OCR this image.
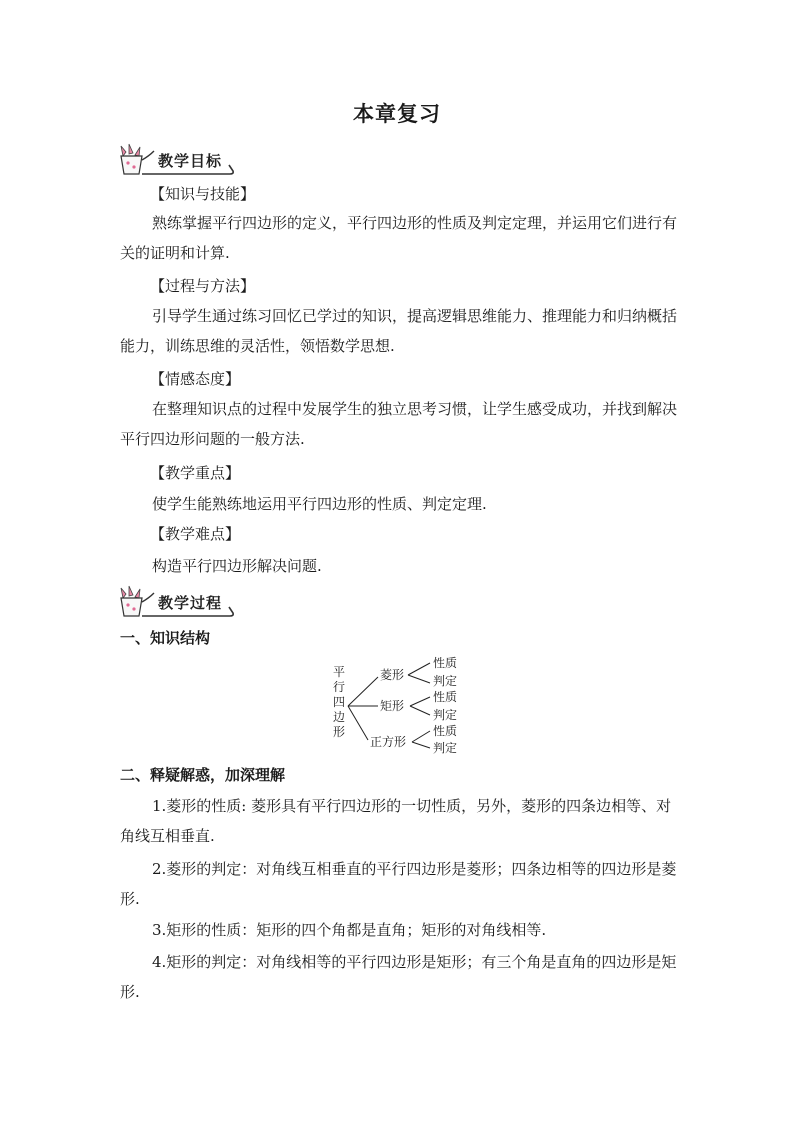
本章复习
教学目标
【知识与技能】
熟练掌握平行四边形的定义，平行四边形的性质及判定定理，并运用它们进行有关的证明和计算.
【过程与方法】
引导学生通过练习回忆已学过的知识，提高逻辑思维能力、推理能力和归纳概括能力，训练思维的灵活性，领悟数学思想.
【情感态度】
在整理知识点的过程中发展学生的独立思考习惯，让学生感受成功，并找到解决平行四边形问题的一般方法.
【教学重点】
使学生能熟练地运用平行四边形的性质、判定定理.
【教学难点】
构造平行四边形解决问题.
教学过程
一、知识结构
平行四边形
菱形
矩形
正方形
性质
判定
性质
判定
性质
判定
二、释疑解惑，加深理解
1.菱形的性质: 菱形具有平行四边形的一切性质，另外，菱形的四条边相等、对角线互相垂直.
2.菱形的判定：对角线互相垂直的平行四边形是菱形；四条边相等的四边形是菱形.
3.矩形的性质：矩形的四个角都是直角；矩形的对角线相等.
4.矩形的判定：对角线相等的平行四边形是矩形；有三个角是直角的四边形是矩形.
